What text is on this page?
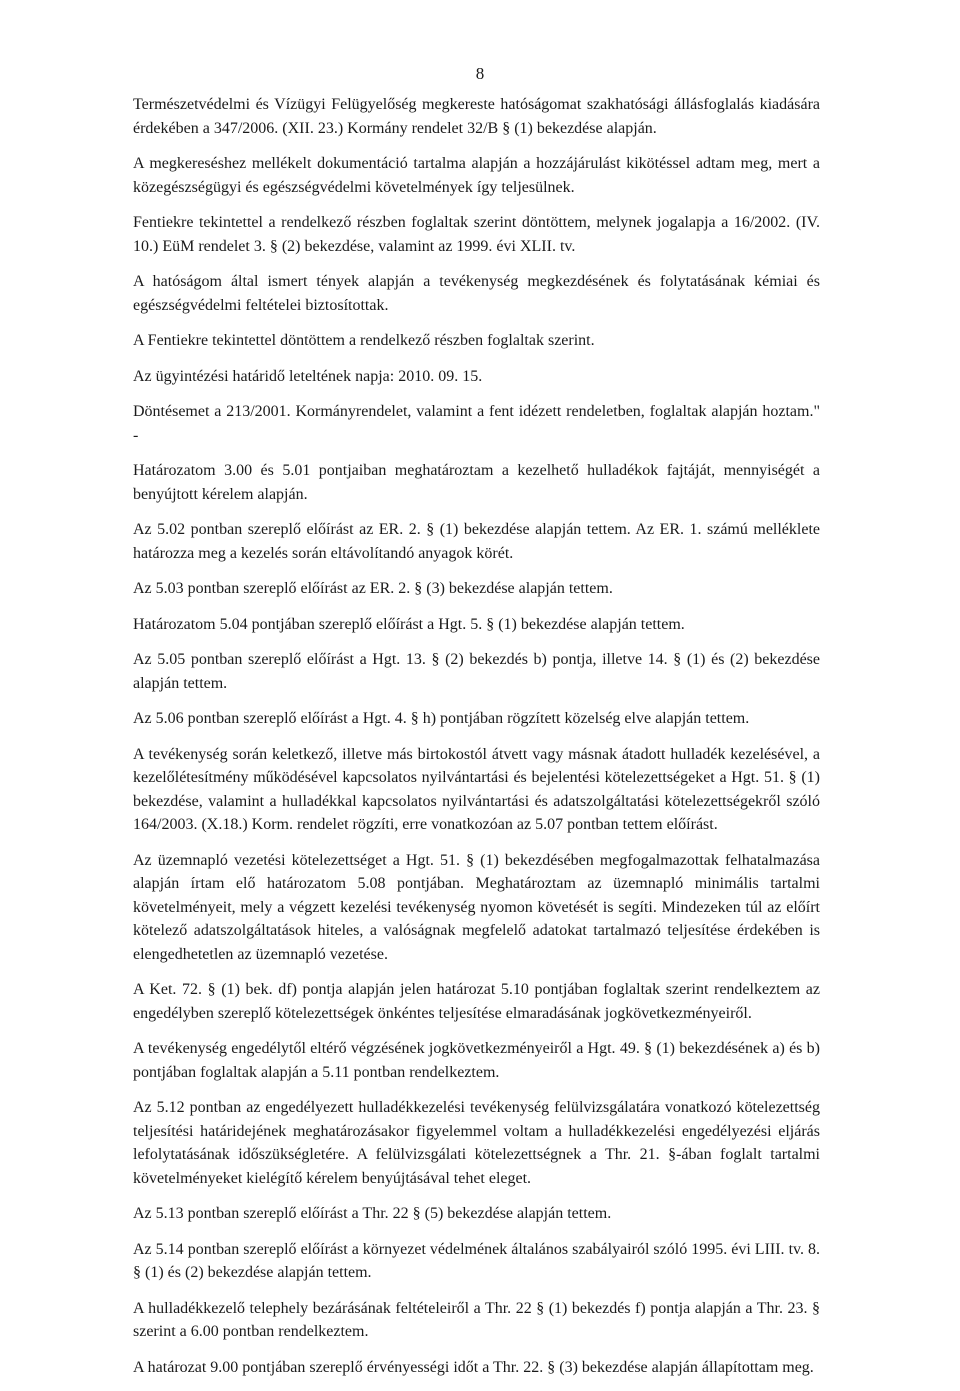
8

Természetvédelmi és Vízügyi Felügyelőség megkereste hatóságomat szakhatósági állásfoglalás kiadására érdekében a 347/2006. (XII. 23.) Kormány rendelet 32/B § (1) bekezdése alapján.

A megkereséshez mellékelt dokumentáció tartalma alapján a hozzájárulást kikötéssel adtam meg, mert a közegészségügyi és egészségvédelmi követelmények így teljesülnek.

Fentiekre tekintettel a rendelkező részben foglaltak szerint döntöttem, melynek jogalapja a 16/2002. (IV. 10.) EüM rendelet 3. § (2) bekezdése, valamint az 1999. évi XLII. tv.

A hatóságom által ismert tények alapján a tevékenység megkezdésének és folytatásának kémiai és egészségvédelmi feltételei biztosítottak.

A Fentiekre tekintettel döntöttem a rendelkező részben foglaltak szerint.

Az ügyintézési határidő leteltének napja: 2010. 09. 15.

Döntésemet a 213/2001. Kormányrendelet, valamint a fent idézett rendeletben, foglaltak alapján hoztam." -

Határozatom 3.00 és 5.01 pontjaiban meghatároztam a kezelhető hulladékok fajtáját, mennyiségét a benyújtott kérelem alapján.

Az 5.02 pontban szereplő előírást az ER. 2. § (1) bekezdése alapján tettem. Az ER. 1. számú melléklete határozza meg a kezelés során eltávolítandó anyagok körét.

Az 5.03 pontban szereplő előírást az ER. 2. § (3) bekezdése alapján tettem.

Határozatom 5.04 pontjában szereplő előírást a Hgt. 5. § (1) bekezdése alapján tettem.

Az 5.05 pontban szereplő előírást a Hgt. 13. § (2) bekezdés b) pontja, illetve 14. § (1) és (2) bekezdése alapján tettem.

Az 5.06 pontban szereplő előírást a Hgt. 4. § h) pontjában rögzített közelség elve alapján tettem.

A tevékenység során keletkező, illetve más birtokostól átvett vagy másnak átadott hulladék kezelésével, a kezelőlétesítmény működésével kapcsolatos nyilvántartási és bejelentési kötelezettségeket a Hgt. 51. § (1) bekezdése, valamint a hulladékkal kapcsolatos nyilvántartási és adatszolgáltatási kötelezettségekről szóló 164/2003. (X.18.) Korm. rendelet rögzíti, erre vonatkozóan az 5.07 pontban tettem előírást.

Az üzemnapló vezetési kötelezettséget a Hgt. 51. § (1) bekezdésében megfogalmazottak felhatalmazása alapján írtam elő határozatom 5.08 pontjában. Meghatároztam az üzemnapló minimális tartalmi követelményeit, mely a végzett kezelési tevékenység nyomon követését is segíti. Mindezeken túl az előírt kötelező adatszolgáltatások hiteles, a valóságnak megfelelő adatokat tartalmazó teljesítése érdekében is elengedhetetlen az üzemnapló vezetése.

A Ket. 72. § (1) bek. df) pontja alapján jelen határozat 5.10 pontjában foglaltak szerint rendelkeztem az engedélyben szereplő kötelezettségek önkéntes teljesítése elmaradásának jogkövetkezményeiről.

A tevékenység engedélytől eltérő végzésének jogkövetkezményeiről a Hgt. 49. § (1) bekezdésének a) és b) pontjában foglaltak alapján a 5.11 pontban rendelkeztem.

Az 5.12 pontban az engedélyezett hulladékkezelési tevékenység felülvizsgálatára vonatkozó kötelezettség teljesítési határidejének meghatározásakor figyelemmel voltam a hulladékkezelési engedélyezési eljárás lefolytatásának időszükségletére. A felülvizsgálati kötelezettségnek a Thr. 21. §-ában foglalt tartalmi követelményeket kielégítő kérelem benyújtásával tehet eleget.

Az 5.13 pontban szereplő előírást a Thr. 22 § (5) bekezdése alapján tettem.

Az 5.14 pontban szereplő előírást a környezet védelmének általános szabályairól szóló 1995. évi LIII. tv. 8. § (1) és (2) bekezdése alapján tettem.

A hulladékkezelő telephely bezárásának feltételeiről a Thr. 22 § (1) bekezdés f) pontja alapján a Thr. 23. § szerint a 6.00 pontban rendelkeztem.

A határozat 9.00 pontjában szereplő érvényességi időt a Thr. 22. § (3) bekezdése alapján állapítottam meg.
